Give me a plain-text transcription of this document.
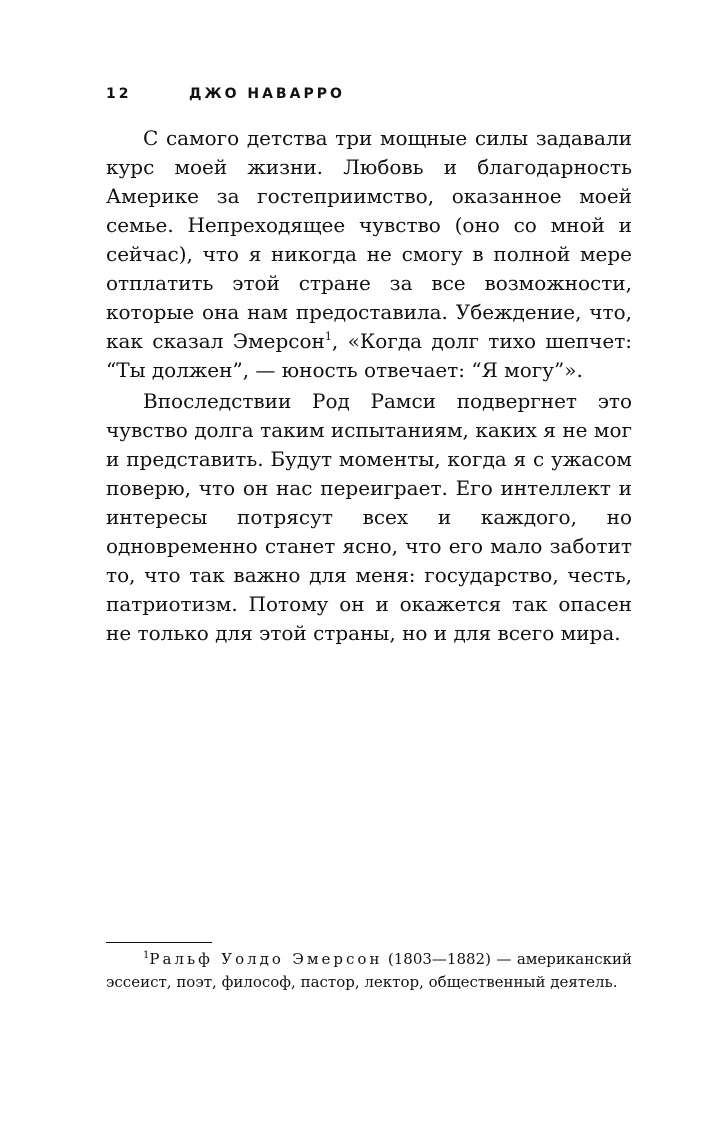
12	ДЖО НАВАРРО

С самого детства три мощные силы задавали курс моей жизни. Любовь и благодарность Америке за гостеприимство, оказанное моей семье. Непреходящее чувство (оно со мной и сейчас), что я никогда не смогу в полной мере отплатить этой стране за все возможности, которые она нам предоставила. Убеждение, что, как сказал Эмерсон$^1$, «Когда долг тихо шепчет: “Ты должен”, — юность отвечает: “Я могу”».

Впоследствии Род Рамси подвергнет это чувство долга таким испытаниям, каких я не мог и представить. Будут моменты, когда я с ужасом поверю, что он нас переиграет. Его интеллект и интересы потрясут всех и каждого, но одновременно станет ясно, что его мало заботит то, что так важно для меня: государство, честь, патриотизм. Потому он и окажется так опасен не только для этой страны, но и для всего мира.

$^1$Ральф Уолдо Эмерсон (1803—1882) — американский эссеист, поэт, философ, пастор, лектор, общественный деятель.
